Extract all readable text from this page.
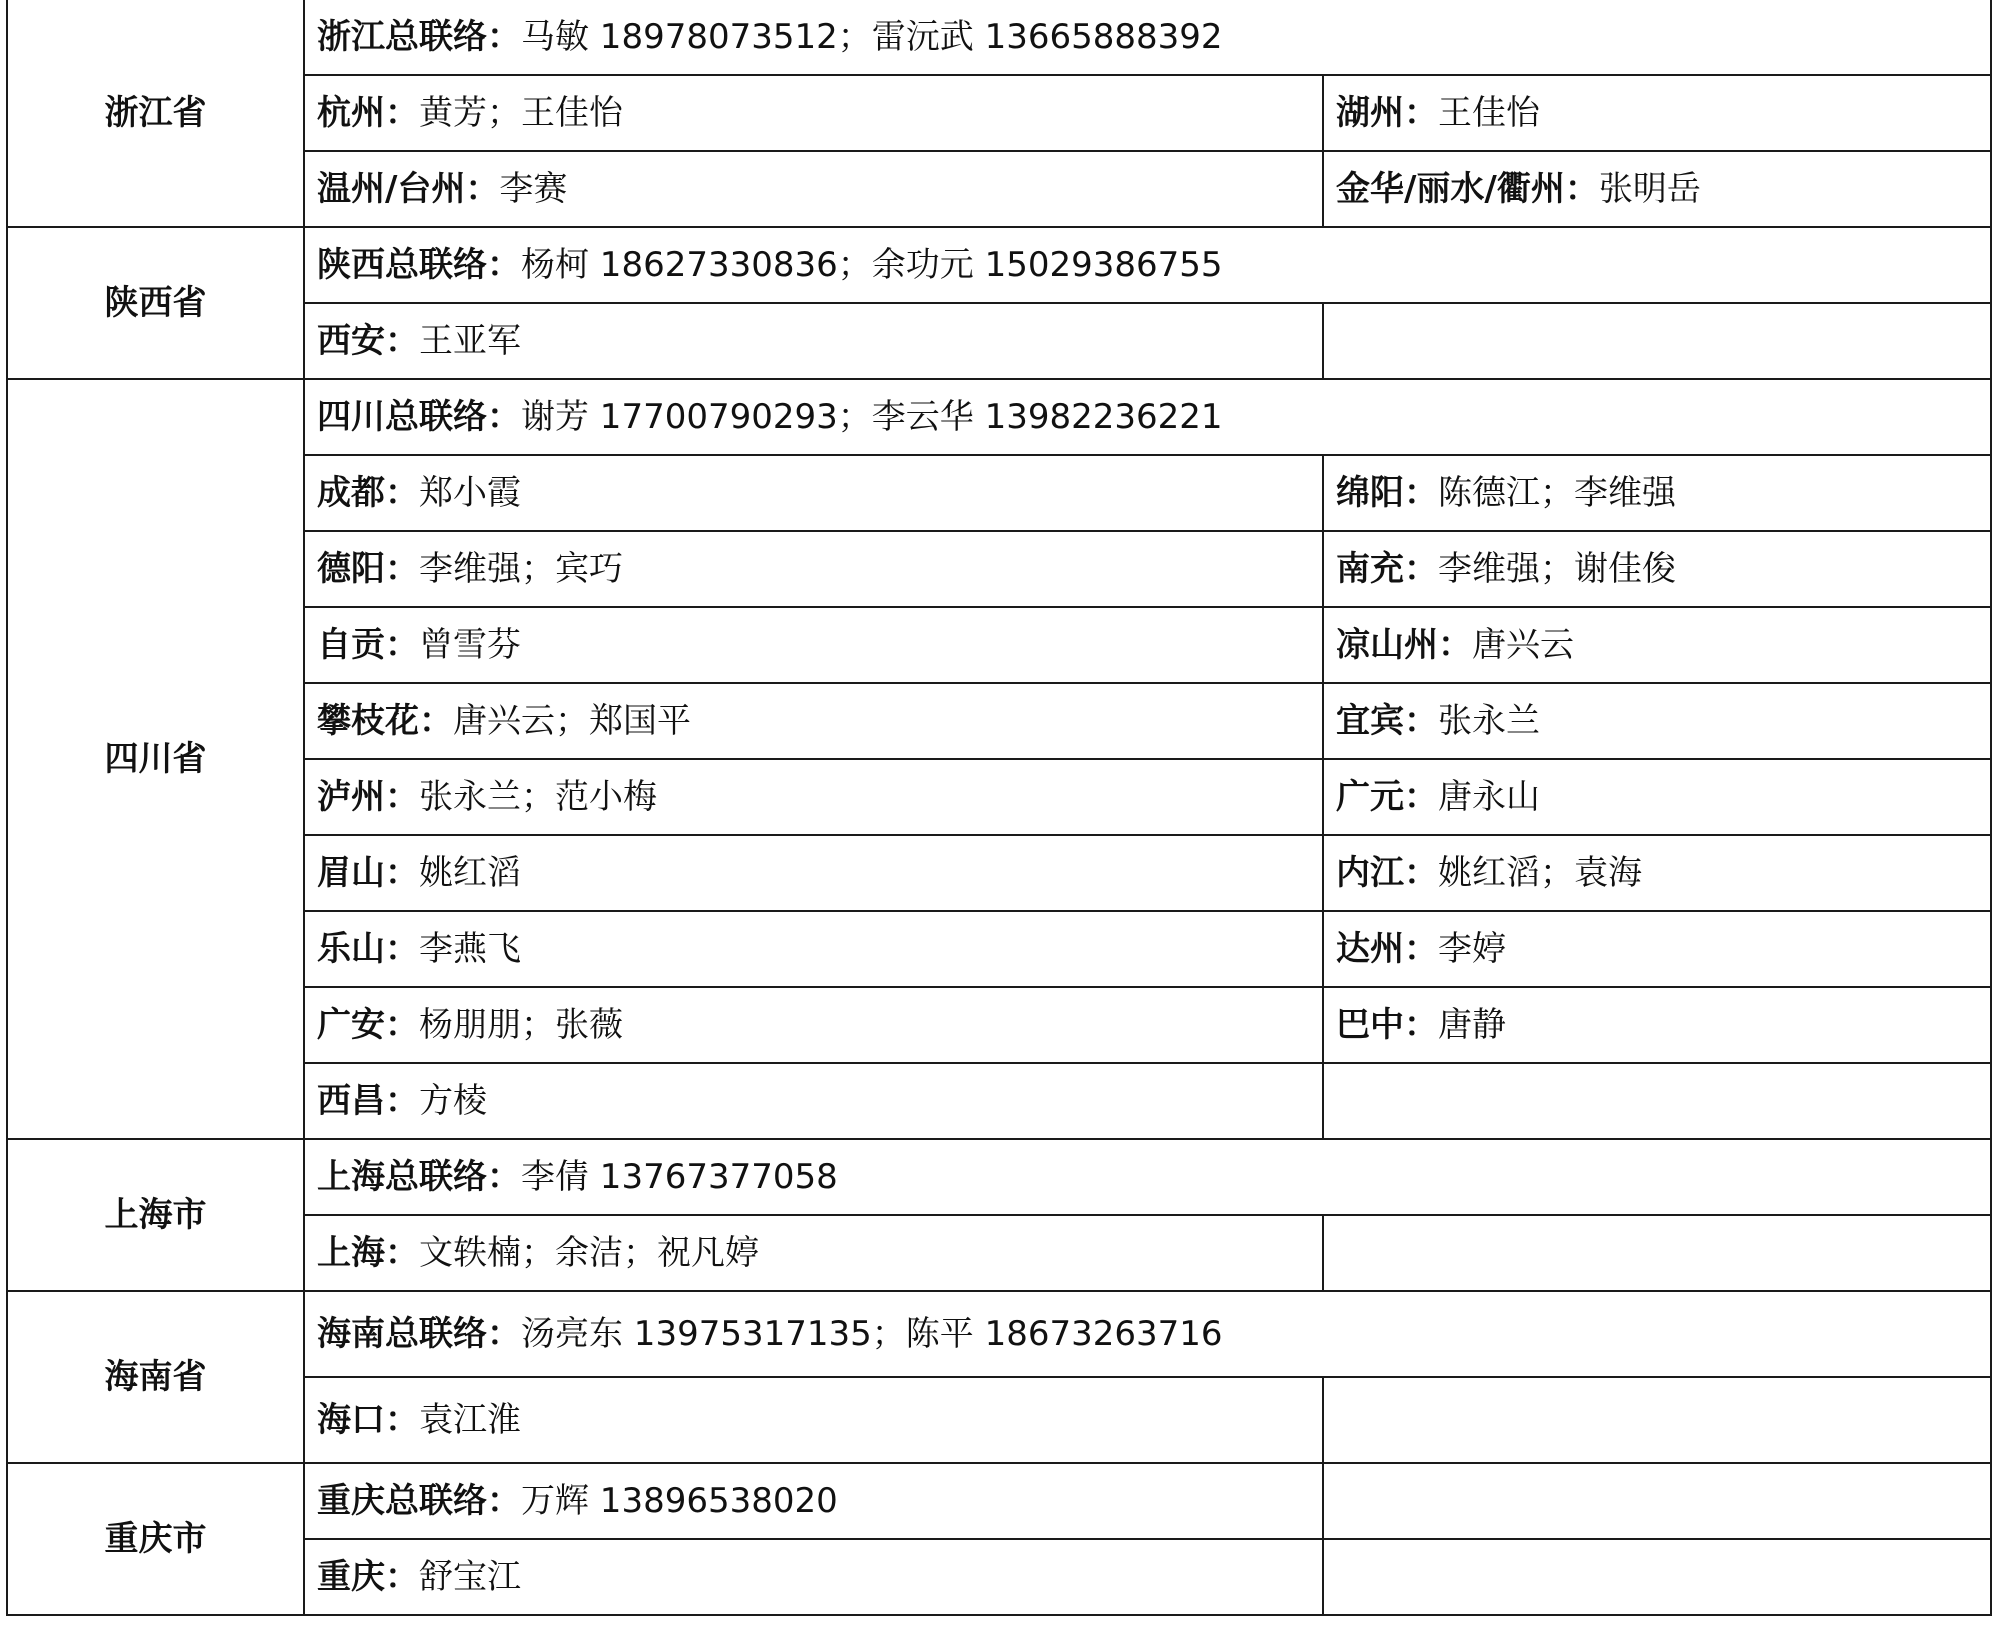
浙江省	浙江总联络：马敏 18978073512；雷沅武 13665888392	
	杭州：黄芳；王佳怡	湖州：王佳怡
	温州/台州：李赛	金华/丽水/衢州：张明岳
陕西省	陕西总联络：杨柯 18627330836；余功元 15029386755	
	西安：王亚军	
四川省	四川总联络：谢芳 17700790293；李云华 13982236221	
	成都：郑小霞	绵阳：陈德江；李维强
	德阳：李维强；宾巧	南充：李维强；谢佳俊
	自贡：曾雪芬	凉山州：唐兴云
	攀枝花：唐兴云；郑国平	宜宾：张永兰
	泸州：张永兰；范小梅	广元：唐永山
	眉山：姚红滔	内江：姚红滔；袁海
	乐山：李燕飞	达州：李婷
	广安：杨朋朋；张薇	巴中：唐静
	西昌：方棱	
上海市	上海总联络：李倩 13767377058	
	上海：文轶楠；余洁；祝凡婷	
海南省	海南总联络：汤亮东 13975317135；陈平 18673263716	
	海口：袁江淮	
重庆市	重庆总联络：万辉 13896538020	
	重庆：舒宝江	
